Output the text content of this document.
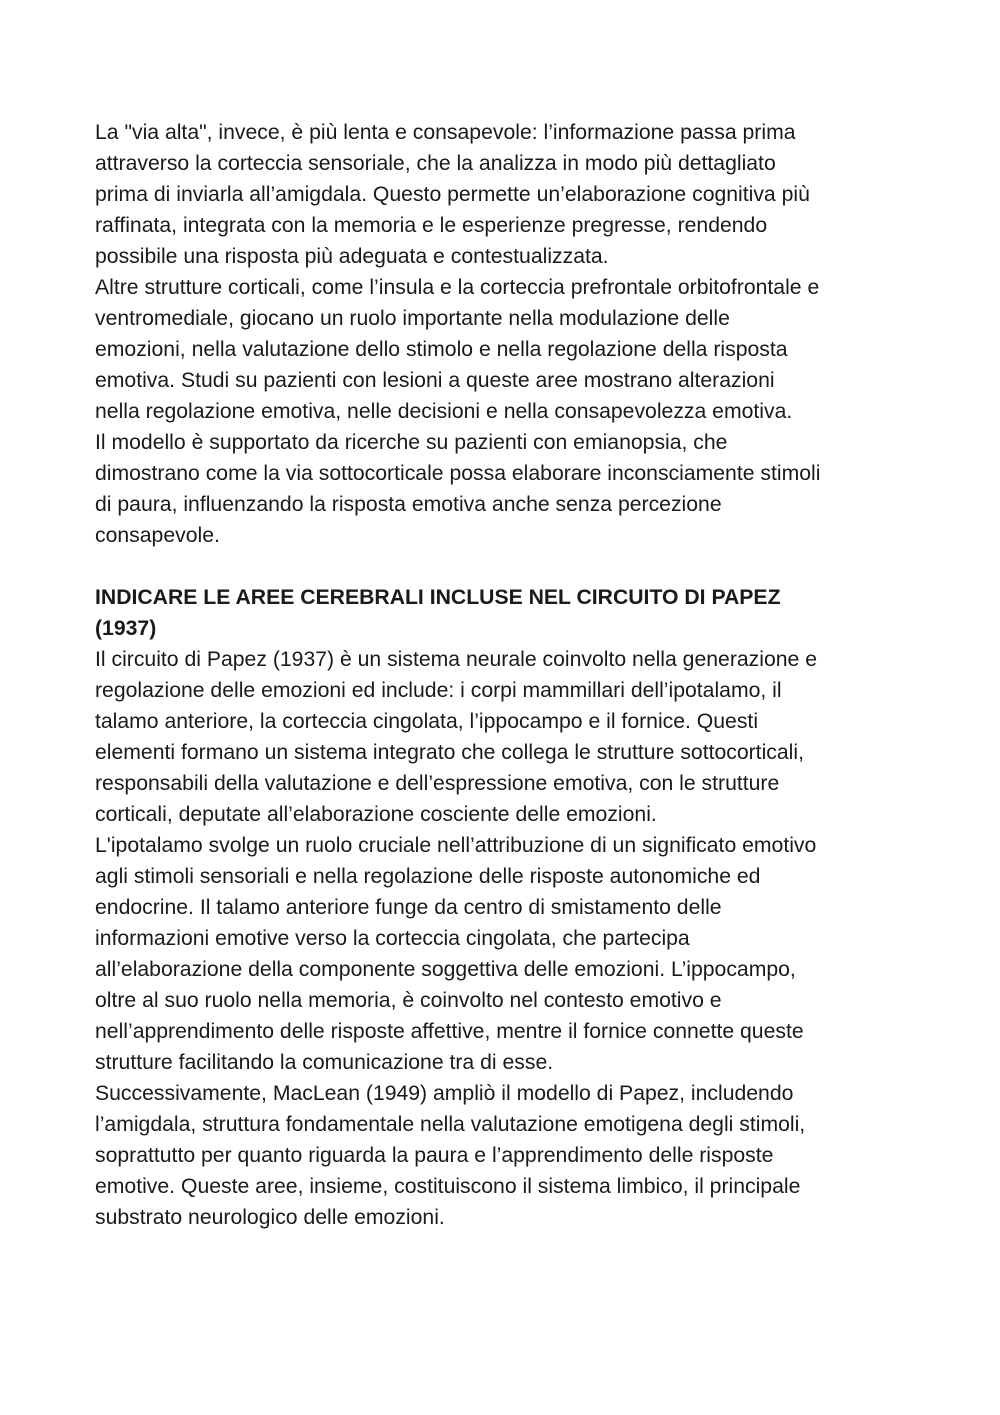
La "via alta", invece, è più lenta e consapevole: l’informazione passa prima
attraverso la corteccia sensoriale, che la analizza in modo più dettagliato
prima di inviarla all’amigdala. Questo permette un’elaborazione cognitiva più
raffinata, integrata con la memoria e le esperienze pregresse, rendendo
possibile una risposta più adeguata e contestualizzata.
Altre strutture corticali, come l’insula e la corteccia prefrontale orbitofrontale e
ventromediale, giocano un ruolo importante nella modulazione delle
emozioni, nella valutazione dello stimolo e nella regolazione della risposta
emotiva. Studi su pazienti con lesioni a queste aree mostrano alterazioni
nella regolazione emotiva, nelle decisioni e nella consapevolezza emotiva.
Il modello è supportato da ricerche su pazienti con emianopsia, che
dimostrano come la via sottocorticale possa elaborare inconsciamente stimoli
di paura, influenzando la risposta emotiva anche senza percezione
consapevole.
INDICARE LE AREE CEREBRALI INCLUSE NEL CIRCUITO DI PAPEZ
(1937)
Il circuito di Papez (1937) è un sistema neurale coinvolto nella generazione e
regolazione delle emozioni ed include: i corpi mammillari dell’ipotalamo, il
talamo anteriore, la corteccia cingolata, l’ippocampo e il fornice. Questi
elementi formano un sistema integrato che collega le strutture sottocorticali,
responsabili della valutazione e dell’espressione emotiva, con le strutture
corticali, deputate all’elaborazione cosciente delle emozioni.
L'ipotalamo svolge un ruolo cruciale nell’attribuzione di un significato emotivo
agli stimoli sensoriali e nella regolazione delle risposte autonomiche ed
endocrine. Il talamo anteriore funge da centro di smistamento delle
informazioni emotive verso la corteccia cingolata, che partecipa
all’elaborazione della componente soggettiva delle emozioni. L’ippocampo,
oltre al suo ruolo nella memoria, è coinvolto nel contesto emotivo e
nell’apprendimento delle risposte affettive, mentre il fornice connette queste
strutture facilitando la comunicazione tra di esse.
Successivamente, MacLean (1949) ampliò il modello di Papez, includendo
l’amigdala, struttura fondamentale nella valutazione emotigena degli stimoli,
soprattutto per quanto riguarda la paura e l’apprendimento delle risposte
emotive. Queste aree, insieme, costituiscono il sistema limbico, il principale
substrato neurologico delle emozioni.
